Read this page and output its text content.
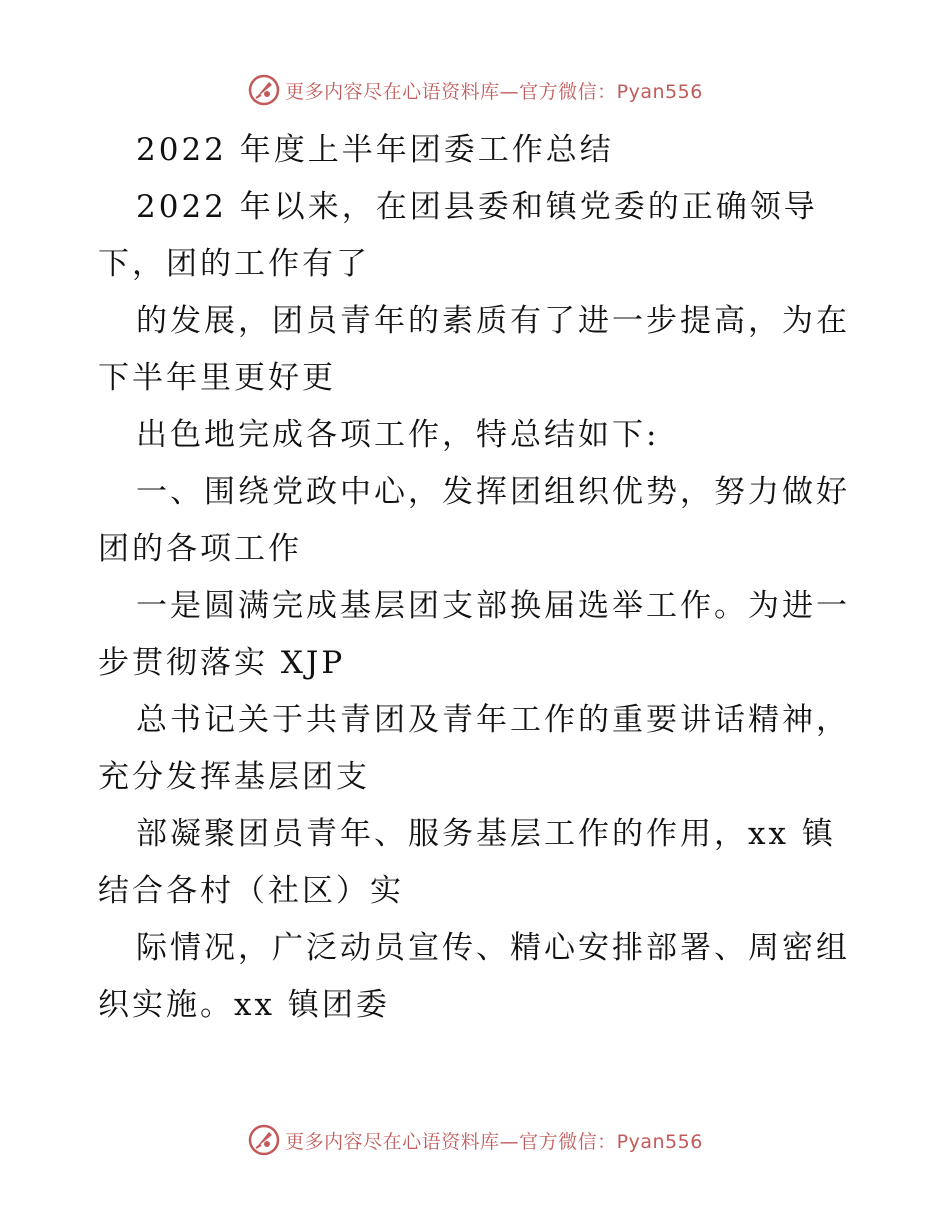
更多内容尽在心语资料库—官方微信：Pyan556
2022 年度上半年团委工作总结
2022 年以来，在团县委和镇党委的正确领导
下，团的工作有了
的发展，团员青年的素质有了进一步提高，为在
下半年里更好更
出色地完成各项工作，特总结如下:
一、围绕党政中心，发挥团组织优势，努力做好
团的各项工作
一是圆满完成基层团支部换届选举工作。为进一
步贯彻落实 XJP
总书记关于共青团及青年工作的重要讲话精神，
充分发挥基层团支
部凝聚团员青年、服务基层工作的作用，xx 镇
结合各村（社区）实
际情况，广泛动员宣传、精心安排部署、周密组
织实施。xx 镇团委
更多内容尽在心语资料库—官方微信：Pyan556
